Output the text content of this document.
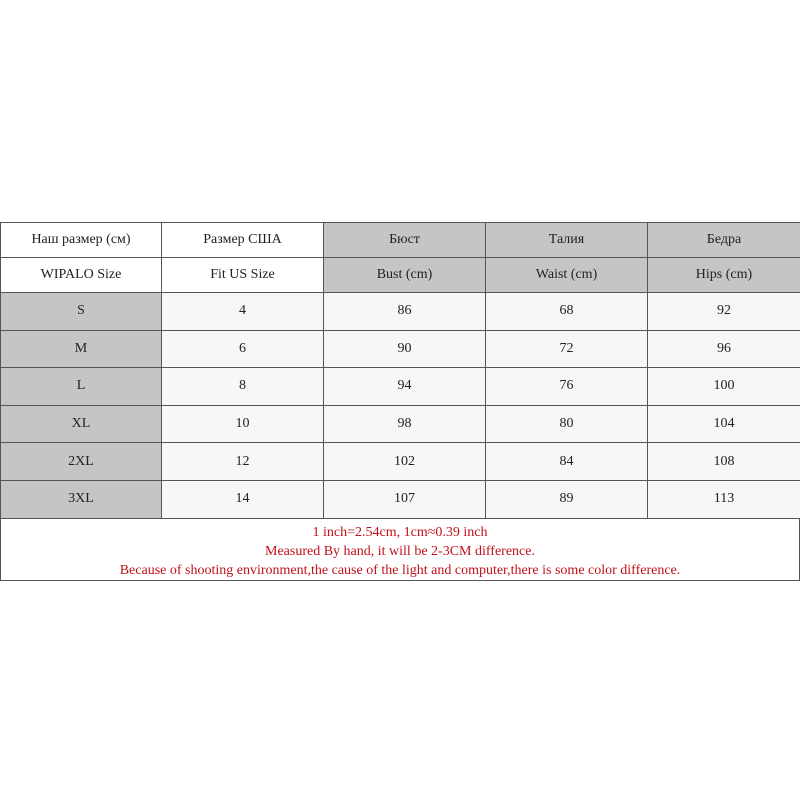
Наш размер (см)	Размер США	Бюст	Талия	Бедра
WIPALO Size	Fit US Size	Bust (cm)	Waist (cm)	Hips (cm)
S	4	86	68	92
M	6	90	72	96
L	8	94	76	100
XL	10	98	80	104
2XL	12	102	84	108
3XL	14	107	89	113
1 inch=2.54cm, 1cm≈0.39 inch
Measured By hand, it will be 2-3CM difference.
Because of shooting environment,the cause of the light and computer,there is some color difference.
